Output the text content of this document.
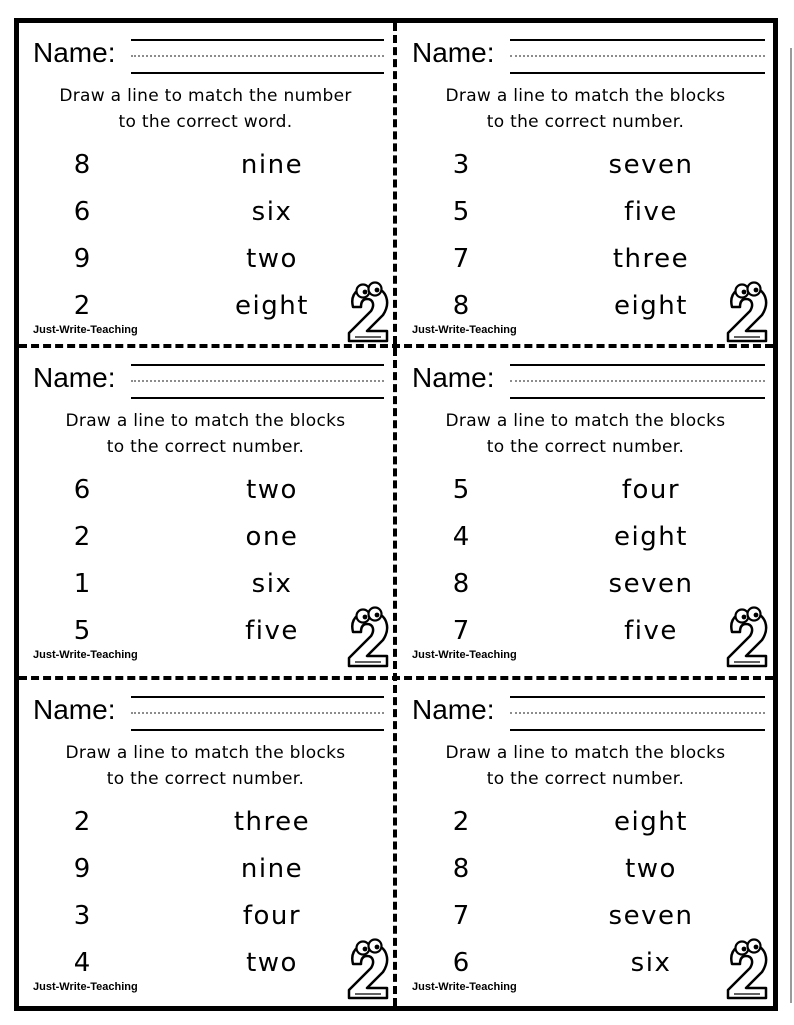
Name:
Draw a line to match the number
to the correct word.
8	nine
6	six
9	two
2	eight
Just-Write-Teaching
Name:
Draw a line to match the blocks
to the correct number.
3	seven
5	five
7	three
8	eight
Just-Write-Teaching
Name:
Draw a line to match the blocks
to the correct number.
6	two
2	one
1	six
5	five
Just-Write-Teaching
Name:
Draw a line to match the blocks
to the correct number.
5	four
4	eight
8	seven
7	five
Just-Write-Teaching
Name:
Draw a line to match the blocks
to the correct number.
2	three
9	nine
3	four
4	two
Just-Write-Teaching
Name:
Draw a line to match the blocks
to the correct number.
2	eight
8	two
7	seven
6	six
Just-Write-Teaching
